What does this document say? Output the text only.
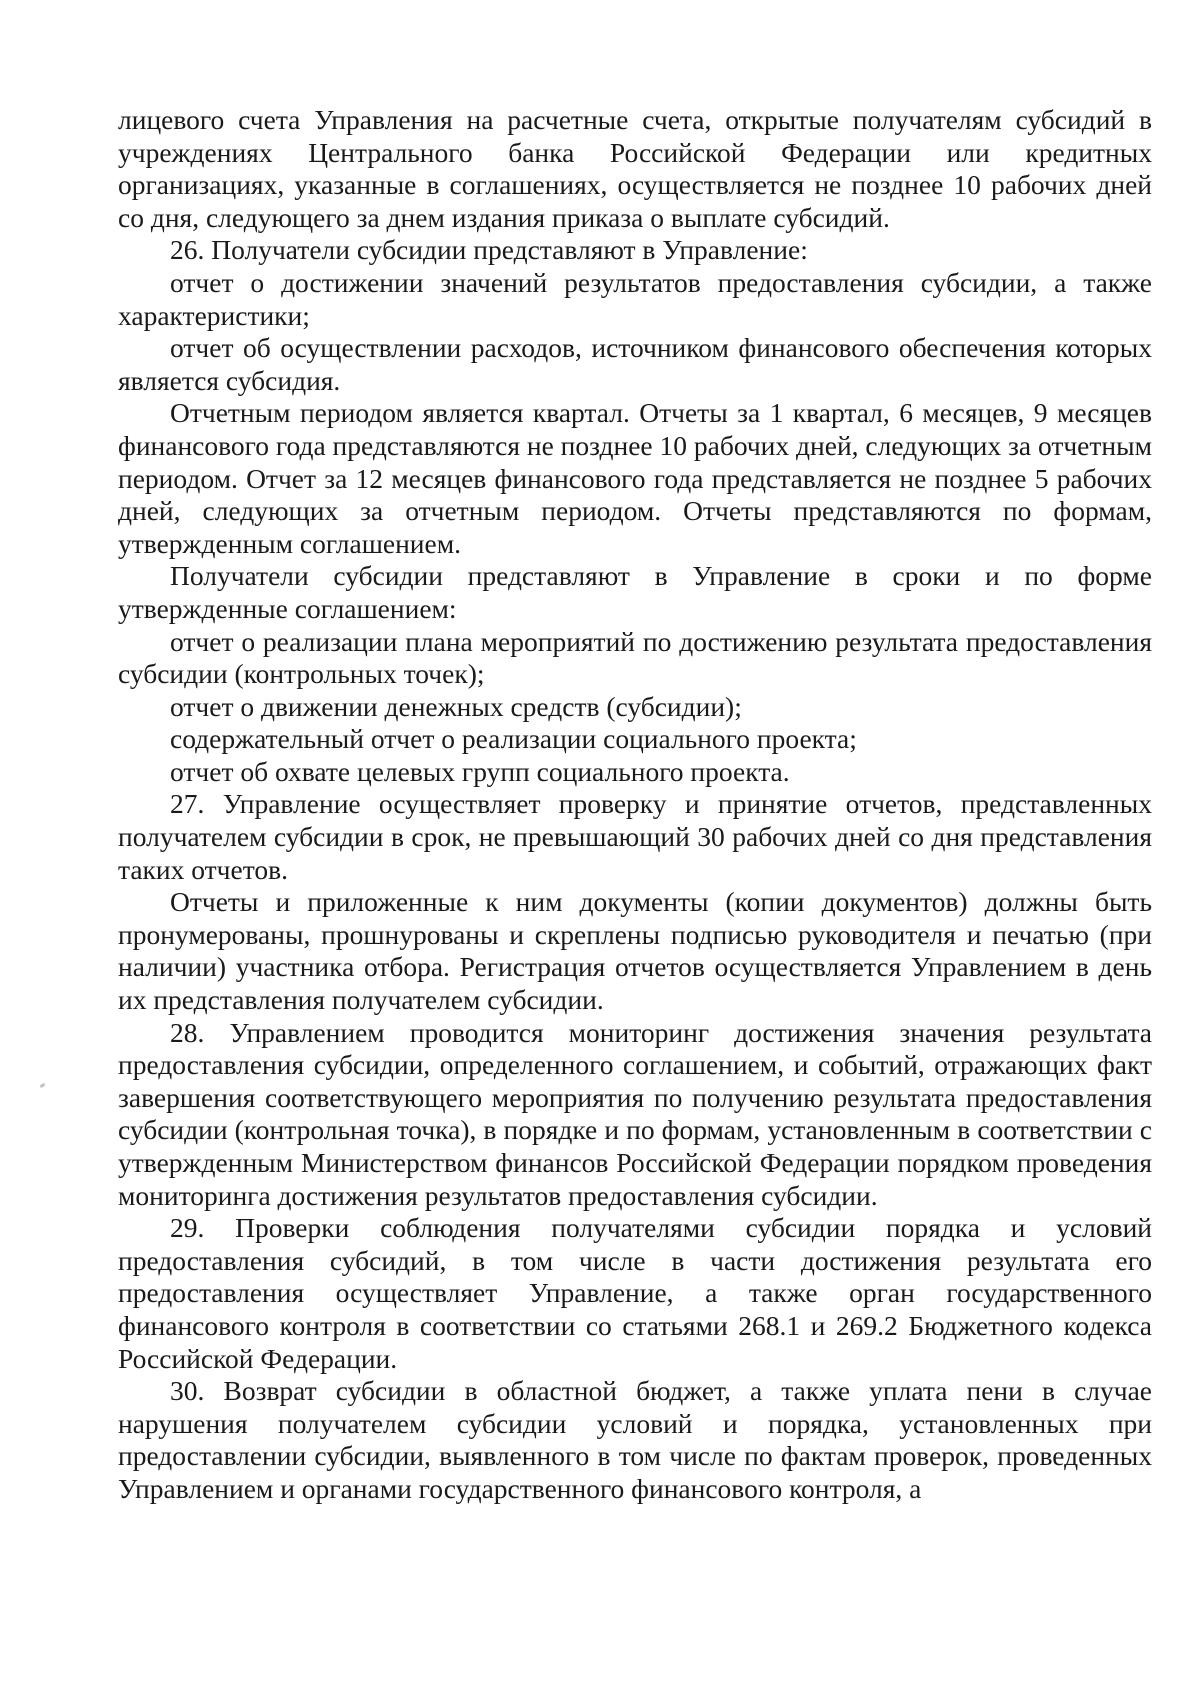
лицевого счета Управления на расчетные счета, открытые получателям субсидий в учреждениях Центрального банка Российской Федерации или кредитных организациях, указанные в соглашениях, осуществляется не позднее 10 рабочих дней со дня, следующего за днем издания приказа о выплате субсидий.

26. Получатели субсидии представляют в Управление:

отчет о достижении значений результатов предоставления субсидии, а также характеристики;

отчет об осуществлении расходов, источником финансового обеспечения которых является субсидия.

Отчетным периодом является квартал. Отчеты за 1 квартал, 6 месяцев, 9 месяцев финансового года представляются не позднее 10 рабочих дней, следующих за отчетным периодом. Отчет за 12 месяцев финансового года представляется не позднее 5 рабочих дней, следующих за отчетным периодом. Отчеты представляются по формам, утвержденным соглашением.

Получатели субсидии представляют в Управление в сроки и по форме утвержденные соглашением:

отчет о реализации плана мероприятий по достижению результата предоставления субсидии (контрольных точек);

отчет о движении денежных средств (субсидии);

содержательный отчет о реализации социального проекта;

отчет об охвате целевых групп социального проекта.

27. Управление осуществляет проверку и принятие отчетов, представленных получателем субсидии в срок, не превышающий 30 рабочих дней со дня представления таких отчетов.

Отчеты и приложенные к ним документы (копии документов) должны быть пронумерованы, прошнурованы и скреплены подписью руководителя и печатью (при наличии) участника отбора. Регистрация отчетов осуществляется Управлением в день их представления получателем субсидии.

28. Управлением проводится мониторинг достижения значения результата предоставления субсидии, определенного соглашением, и событий, отражающих факт завершения соответствующего мероприятия по получению результата предоставления субсидии (контрольная точка), в порядке и по формам, установленным в соответствии с утвержденным Министерством финансов Российской Федерации порядком проведения мониторинга достижения результатов предоставления субсидии.

29. Проверки соблюдения получателями субсидии порядка и условий предоставления субсидий, в том числе в части достижения результата его предоставления осуществляет Управление, а также орган государственного финансового контроля в соответствии со статьями 268.1 и 269.2 Бюджетного кодекса Российской Федерации.

30. Возврат субсидии в областной бюджет, а также уплата пени в случае нарушения получателем субсидии условий и порядка, установленных при предоставлении субсидии, выявленного в том числе по фактам проверок, проведенных Управлением и органами государственного финансового контроля, а
